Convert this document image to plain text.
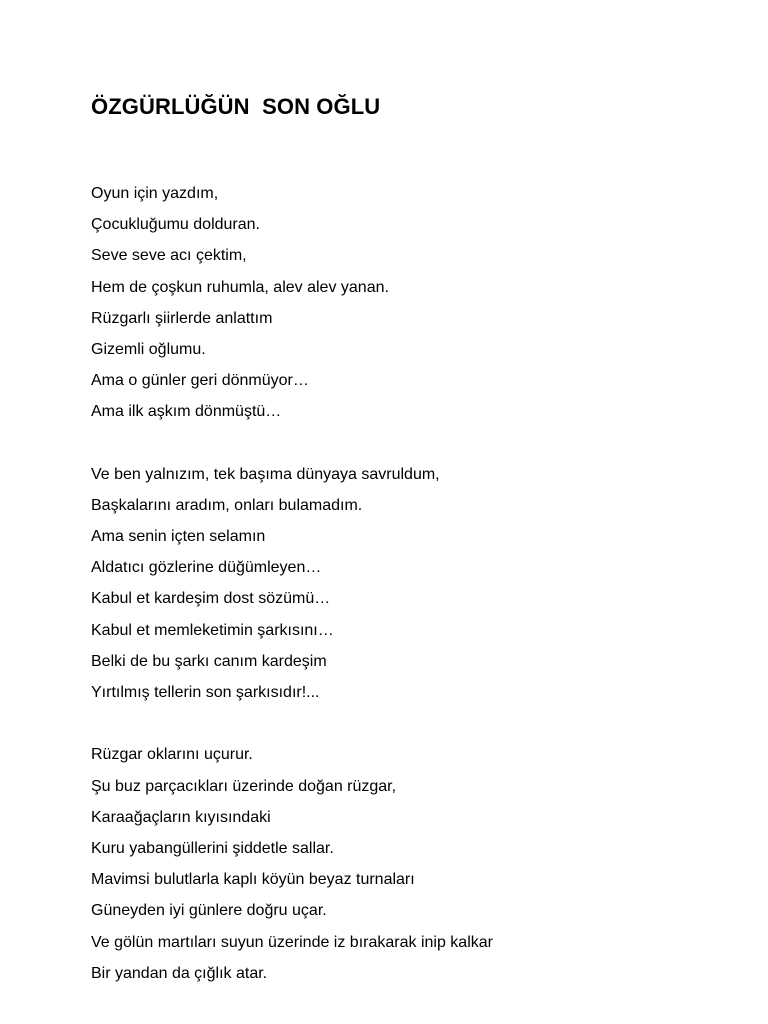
ÖZGÜRLÜĞÜN  SON OĞLU
Oyun için yazdım,
Çocukluğumu dolduran.
Seve seve acı çektim,
Hem de çoşkun ruhumla, alev alev yanan.
Rüzgarlı şiirlerde anlattım
Gizemli oğlumu.
Ama o günler geri dönmüyor…
Ama ilk aşkım dönmüştü…
Ve ben yalnızım, tek başıma dünyaya savruldum,
Başkalarını aradım, onları bulamadım.
Ama senin içten selamın
Aldatıcı gözlerine düğümleyen…
Kabul et kardeşim dost sözümü…
Kabul et memleketimin şarkısını…
Belki de bu şarkı canım kardeşim
Yırtılmış tellerin son şarkısıdır!...
Rüzgar oklarını uçurur.
Şu buz parçacıkları üzerinde doğan rüzgar,
Karaağaçların kıyısındaki
Kuru yabangüllerini şiddetle sallar.
Mavimsi bulutlarla kaplı köyün beyaz turnaları
Güneyden iyi günlere doğru uçar.
Ve gölün martıları suyun üzerinde iz bırakarak inip kalkar
Bir yandan da çığlık atar.
